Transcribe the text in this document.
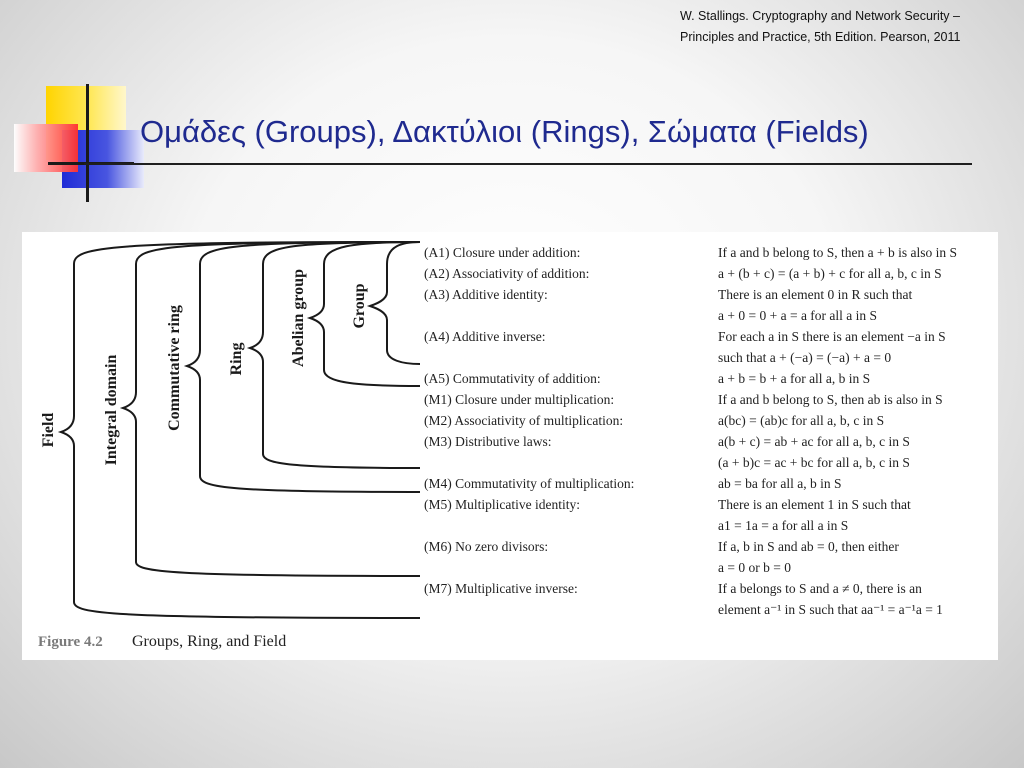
W. Stallings. Cryptography and Network Security –
Principles and Practice, 5th Edition. Pearson, 2011
Ομάδες (Groups), Δακτύλιοι (Rings), Σώματα (Fields)
Group
Abelian group
Ring
Commutative ring
Integral domain
Field
(A1) Closure under addition:	If a and b belong to S, then a + b is also in S
(A2) Associativity of addition:	a + (b + c) = (a + b) + c for all a, b, c in S
(A3) Additive identity:	There is an element 0 in R such that
a + 0 = 0 + a = a for all a in S
(A4) Additive inverse:	For each a in S there is an element −a in S
such that a + (−a) = (−a) + a = 0
(A5) Commutativity of addition:	a + b = b + a for all a, b in S
(M1) Closure under multiplication:	If a and b belong to S, then ab is also in S
(M2) Associativity of multiplication:	a(bc) = (ab)c for all a, b, c in S
(M3) Distributive laws:	a(b + c) = ab + ac for all a, b, c in S
(a + b)c = ac + bc for all a, b, c in S
(M4) Commutativity of multiplication:	ab = ba for all a, b in S
(M5) Multiplicative identity:	There is an element 1 in S such that
a1 = 1a = a for all a in S
(M6) No zero divisors:	If a, b in S and ab = 0, then either
a = 0 or b = 0
(M7) Multiplicative inverse:	If a belongs to S and a ≠ 0, there is an
element a⁻¹ in S such that aa⁻¹ = a⁻¹a = 1
Figure 4.2 Groups, Ring, and Field
